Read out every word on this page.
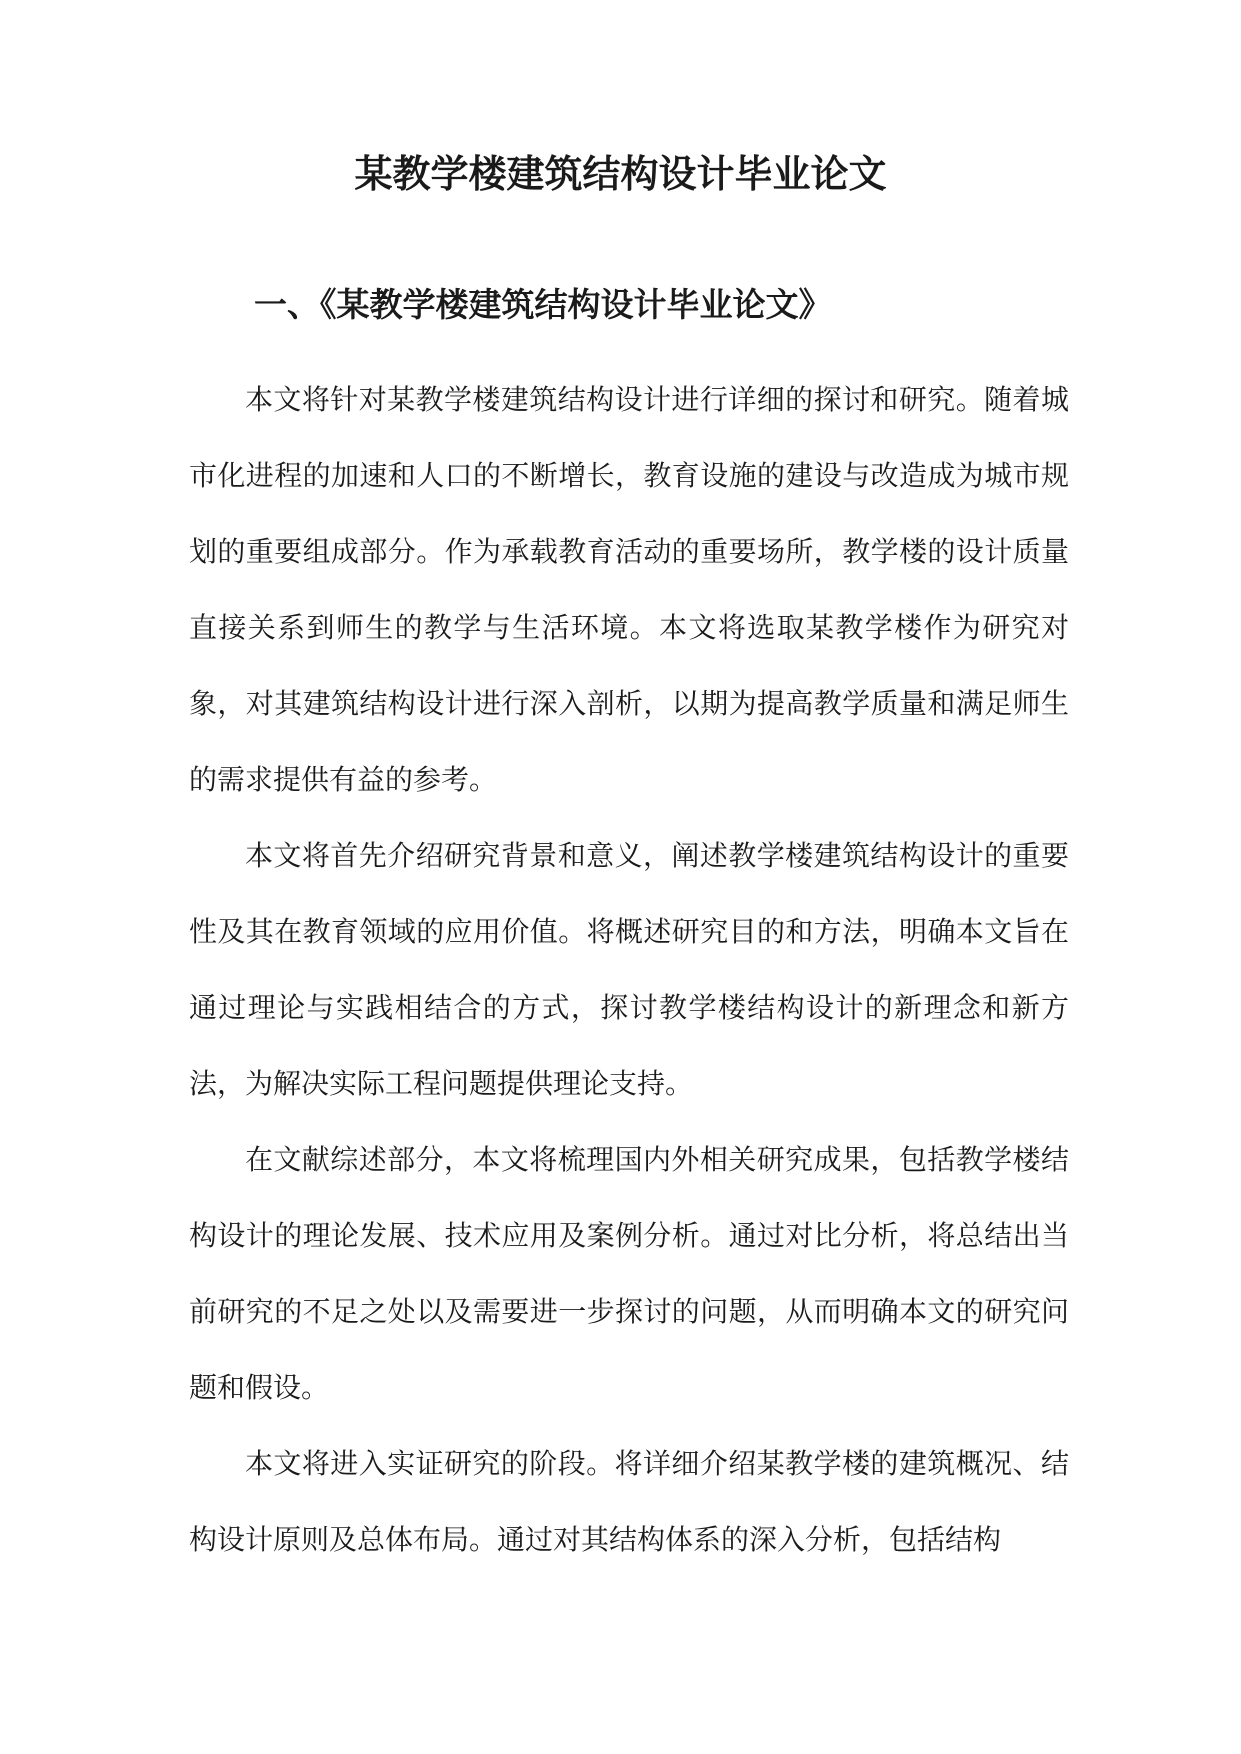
某教学楼建筑结构设计毕业论文
一、《某教学楼建筑结构设计毕业论文》

本文将针对某教学楼建筑结构设计进行详细的探讨和研究。随着城市化进程的加速和人口的不断增长，教育设施的建设与改造成为城市规划的重要组成部分。作为承载教育活动的重要场所，教学楼的设计质量直接关系到师生的教学与生活环境。本文将选取某教学楼作为研究对象，对其建筑结构设计进行深入剖析，以期为提高教学质量和满足师生的需求提供有益的参考。

本文将首先介绍研究背景和意义，阐述教学楼建筑结构设计的重要性及其在教育领域的应用价值。将概述研究目的和方法，明确本文旨在通过理论与实践相结合的方式，探讨教学楼结构设计的新理念和新方法，为解决实际工程问题提供理论支持。

在文献综述部分，本文将梳理国内外相关研究成果，包括教学楼结构设计的理论发展、技术应用及案例分析。通过对比分析，将总结出当前研究的不足之处以及需要进一步探讨的问题，从而明确本文的研究问题和假设。

本文将进入实证研究的阶段。将详细介绍某教学楼的建筑概况、结构设计原则及总体布局。通过对其结构体系的深入分析，包括结构
